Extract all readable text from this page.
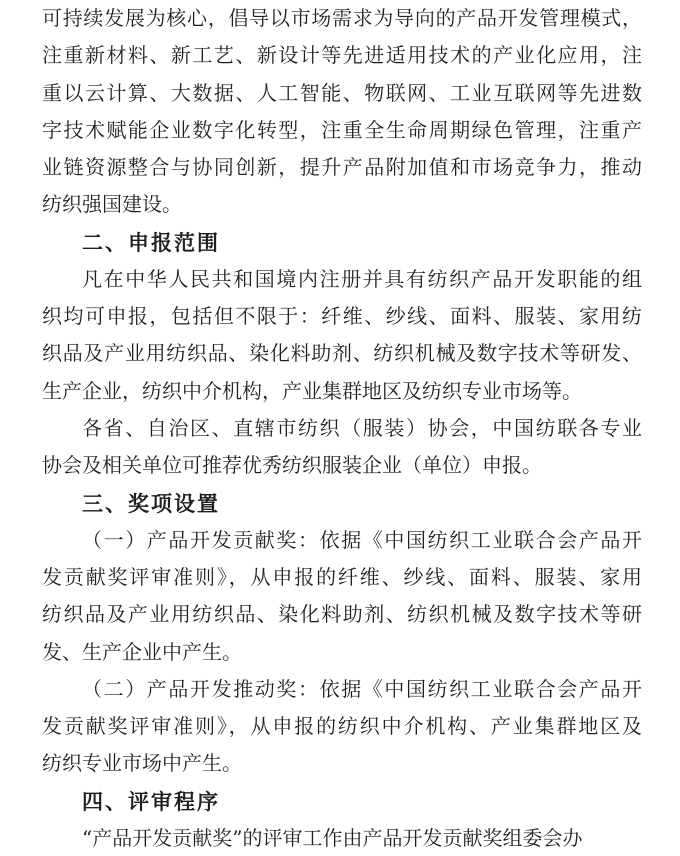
可持续发展为核心，倡导以市场需求为导向的产品开发管理模式，
注重新材料、新工艺、新设计等先进适用技术的产业化应用，注
重以云计算、大数据、人工智能、物联网、工业互联网等先进数
字技术赋能企业数字化转型，注重全生命周期绿色管理，注重产
业链资源整合与协同创新，提升产品附加值和市场竞争力，推动
纺织强国建设。
二、申报范围
凡在中华人民共和国境内注册并具有纺织产品开发职能的组
织均可申报，包括但不限于：纤维、纱线、面料、服装、家用纺
织品及产业用纺织品、染化料助剂、纺织机械及数字技术等研发、
生产企业，纺织中介机构，产业集群地区及纺织专业市场等。
各省、自治区、直辖市纺织（服装）协会，中国纺联各专业
协会及相关单位可推荐优秀纺织服装企业（单位）申报。
三、奖项设置
（一）产品开发贡献奖：依据《中国纺织工业联合会产品开
发贡献奖评审准则》，从申报的纤维、纱线、面料、服装、家用
纺织品及产业用纺织品、染化料助剂、纺织机械及数字技术等研
发、生产企业中产生。
（二）产品开发推动奖：依据《中国纺织工业联合会产品开
发贡献奖评审准则》，从申报的纺织中介机构、产业集群地区及
纺织专业市场中产生。
四、评审程序
“产品开发贡献奖”的评审工作由产品开发贡献奖组委会办
